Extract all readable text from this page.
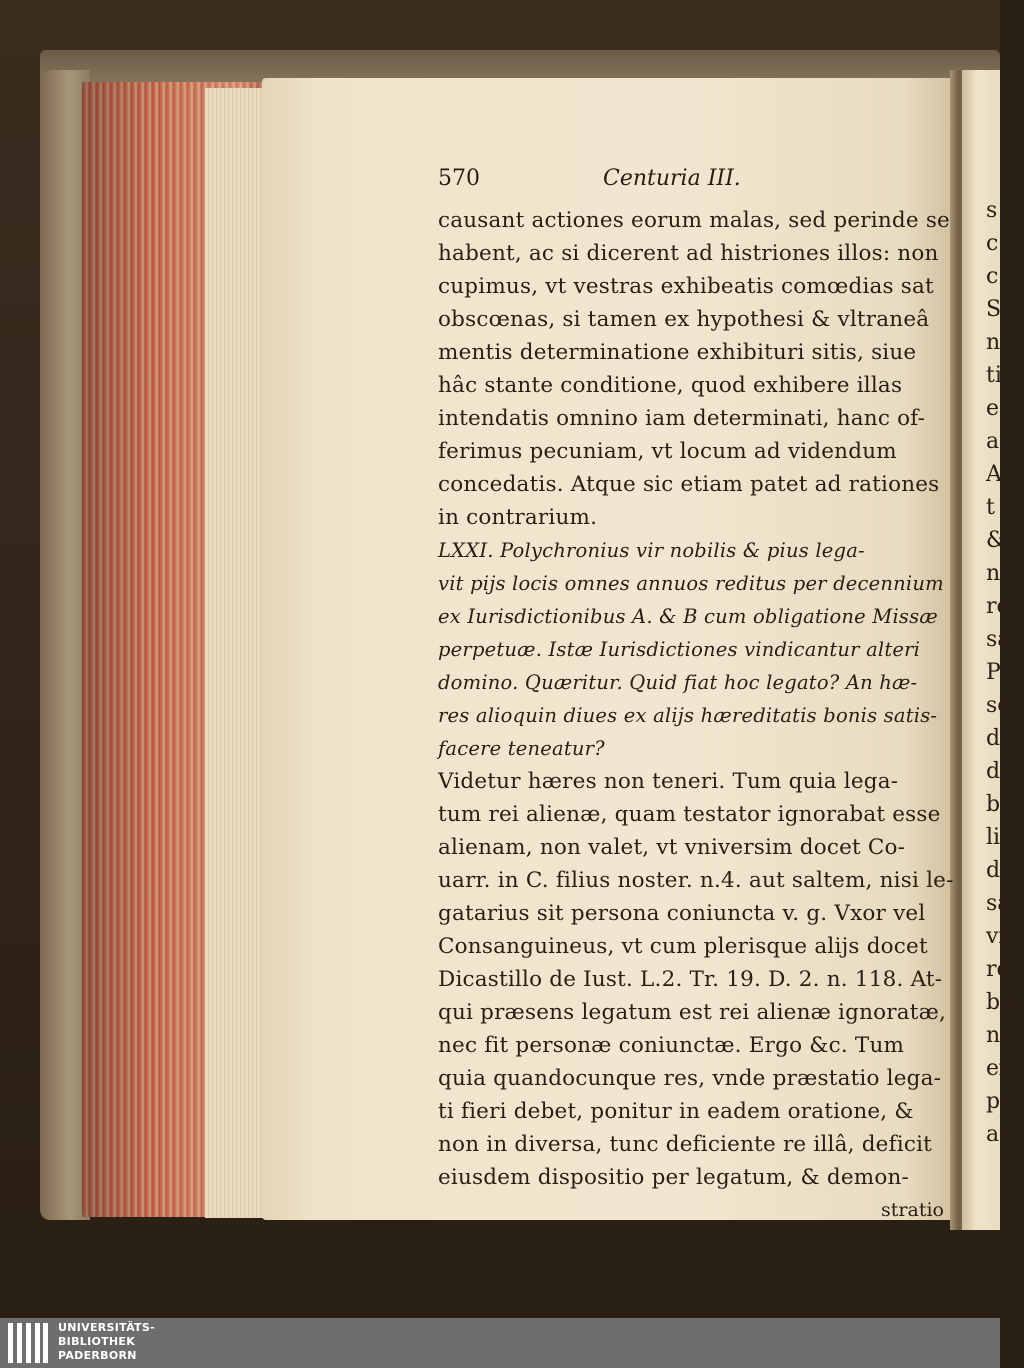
s
c
c
S
n
ti
e
a
A
t
&
n
re
sa
P
se
d
d
b
li
d
sa
vi
re
be
ni
ex
pr
ar
570	Centuria III.
causant actiones eorum malas, sed perinde se
habent, ac si dicerent ad histriones illos: non
cupimus, vt vestras exhibeatis comœdias sat
obscœnas, si tamen ex hypothesi & vltraneâ
mentis determinatione exhibituri sitis, siue
hâc stante conditione, quod exhibere illas
intendatis omnino iam determinati, hanc of-
ferimus pecuniam, vt locum ad videndum
concedatis. Atque sic etiam patet ad rationes
in contrarium.
LXXI. Polychronius vir nobilis & pius lega-
vit pijs locis omnes annuos reditus per decennium
ex Iurisdictionibus A. & B cum obligatione Missæ
perpetuæ. Istæ Iurisdictiones vindicantur alteri
domino. Quæritur. Quid fiat hoc legato? An hæ-
res alioquin diues ex alijs hæreditatis bonis satis-
facere teneatur?
Videtur hæres non teneri. Tum quia lega-
tum rei alienæ, quam testator ignorabat esse
alienam, non valet, vt vniversim docet Co-
uarr. in C. filius noster. n.4. aut saltem, nisi le-
gatarius sit persona coniuncta v. g. Vxor vel
Consanguineus, vt cum plerisque alijs docet
Dicastillo de Iust. L.2. Tr. 19. D. 2. n. 118. At-
qui præsens legatum est rei alienæ ignoratæ,
nec fit personæ coniunctæ. Ergo &c. Tum
quia quandocunque res, vnde præstatio lega-
ti fieri debet, ponitur in eadem oratione, &
non in diversa, tunc deficiente re illâ, deficit
eiusdem dispositio per legatum, & demon-
stratio
UNIVERSITÄTS-
BIBLIOTHEK
PADERBORN
